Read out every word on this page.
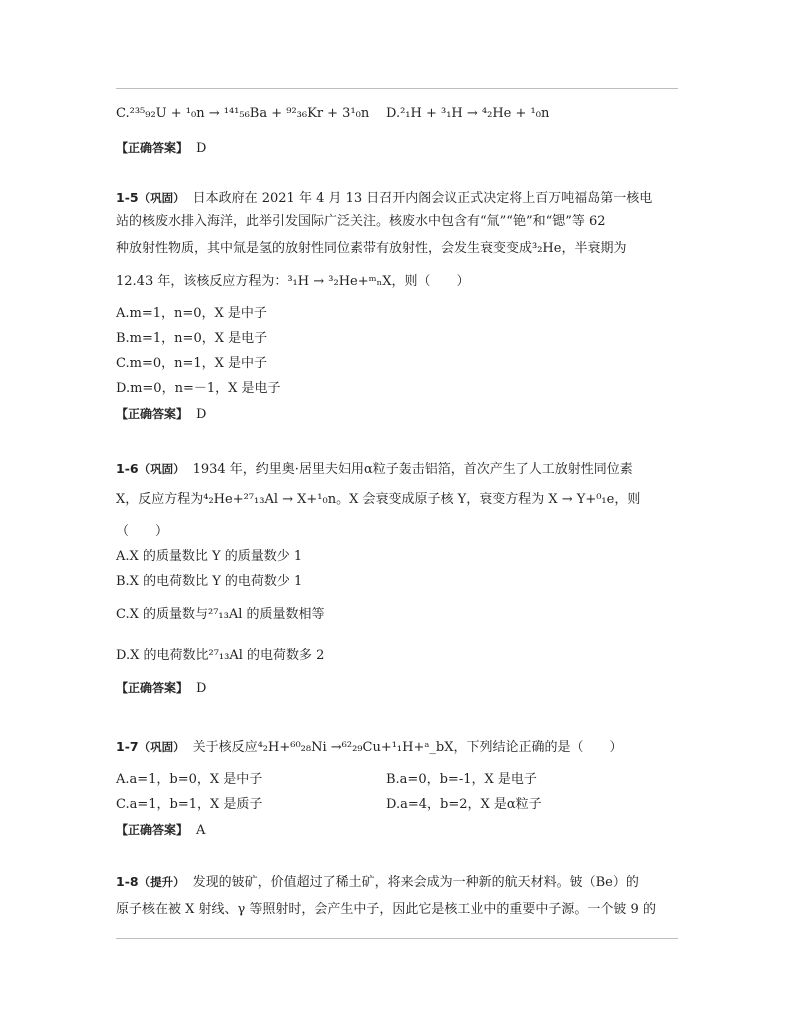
C.²³⁵₉₂U + ¹₀n → ¹⁴¹₅₆Ba + ⁹²₃₆Kr + 3¹₀n D.²₁H + ³₁H → ⁴₂He + ¹₀n
【正确答案】 D
1-5（巩固） 日本政府在 2021 年 4 月 13 日召开内阁会议正式决定将上百万吨福岛第一核电
站的核废水排入海洋，此举引发国际广泛关注。核废水中包含有“氚”“铯”和“锶”等 62
种放射性物质，其中氚是氢的放射性同位素带有放射性，会发生衰变变成³₂He，半衰期为
12.43 年，该核反应方程为：³₁H → ³₂He+ᵐₙX，则（　　）
A.m=1，n=0，X 是中子
B.m=1，n=0，X 是电子
C.m=0，n=1，X 是中子
D.m=0，n=－1，X 是电子
【正确答案】 D
1-6（巩固） 1934 年，约里奥·居里夫妇用α粒子轰击铝箔，首次产生了人工放射性同位素
X，反应方程为⁴₂He+²⁷₁₃Al → X+¹₀n。X 会衰变成原子核 Y，衰变方程为 X → Y+⁰₁e，则
（　　）
A.X 的质量数比 Y 的质量数少 1
B.X 的电荷数比 Y 的电荷数少 1
C.X 的质量数与²⁷₁₃Al 的质量数相等
D.X 的电荷数比²⁷₁₃Al 的电荷数多 2
【正确答案】 D
1-7（巩固） 关于核反应⁴₂H+⁶⁰₂₈Ni →⁶²₂₉Cu+¹₁H+ᵃ_bX，下列结论正确的是（　　）
A.a=1，b=0，X 是中子	B.a=0，b=-1，X 是电子
C.a=1，b=1，X 是质子	D.a=4，b=2，X 是α粒子
【正确答案】 A
1-8（提升） 发现的铍矿，价值超过了稀土矿，将来会成为一种新的航天材料。铍（Be）的
原子核在被 X 射线、γ 等照射时，会产生中子，因此它是核工业中的重要中子源。一个铍 9 的
